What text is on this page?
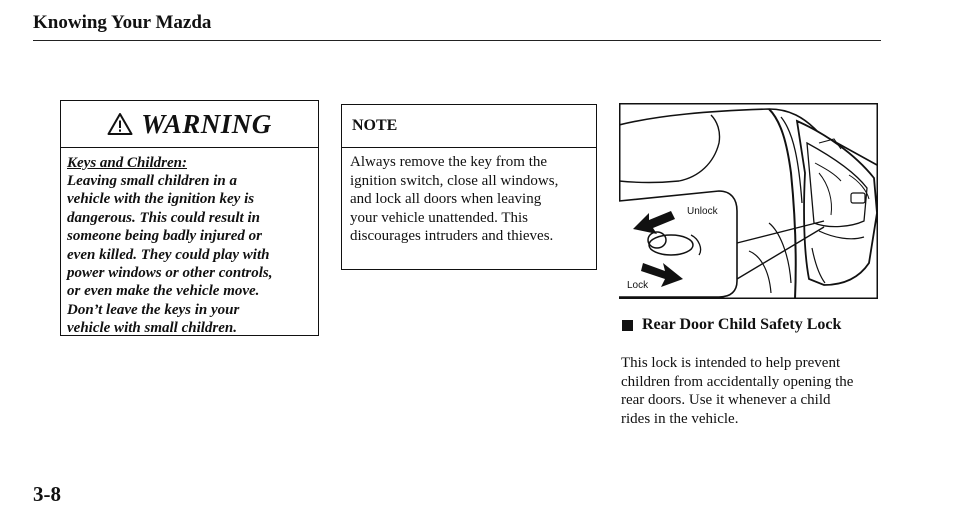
Knowing Your Mazda
WARNING
Keys and Children:
Leaving small children in a
vehicle with the ignition key is
dangerous. This could result in
someone being badly injured or
even killed. They could play with
power windows or other controls,
or even make the vehicle move.
Don’t leave the keys in your
vehicle with small children.
NOTE
Always remove the key from the
ignition switch, close all windows,
and lock all doors when leaving
your vehicle unattended. This
discourages intruders and thieves.
Unlock
Lock
Rear Door Child Safety Lock
This lock is intended to help prevent
children from accidentally opening the
rear doors. Use it whenever a child
rides in the vehicle.
3-8
